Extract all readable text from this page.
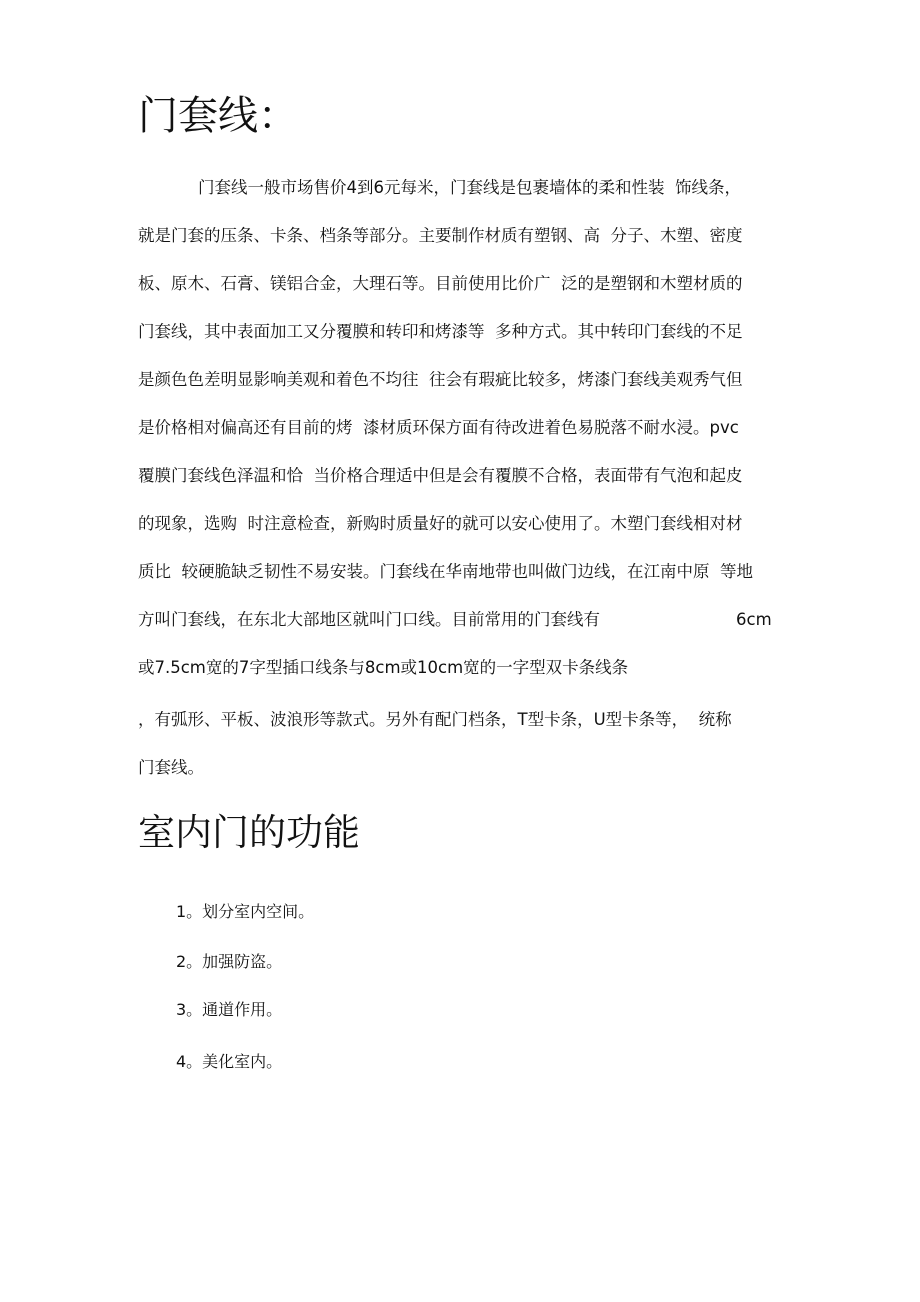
门套线：

门套线一般市场售价4到6元每米，门套线是包裹墙体的柔和性装  饰线条，

就是门套的压条、卡条、档条等部分。主要制作材质有塑钢、高  分子、木塑、密度

板、原木、石膏、镁铝合金，大理石等。目前使用比价广  泛的是塑钢和木塑材质的

门套线，其中表面加工又分覆膜和转印和烤漆等  多种方式。其中转印门套线的不足

是颜色色差明显影响美观和着色不均往  往会有瑕疵比较多，烤漆门套线美观秀气但

是价格相对偏高还有目前的烤  漆材质环保方面有待改进着色易脱落不耐水浸。pvc

覆膜门套线色泽温和恰  当价格合理适中但是会有覆膜不合格，表面带有气泡和起皮

的现象，选购  时注意检查，新购时质量好的就可以安心使用了。木塑门套线相对材

质比  较硬脆缺乏韧性不易安装。门套线在华南地带也叫做门边线，在江南中原  等地

方叫门套线，在东北大部地区就叫门口线。目前常用的门套线有	6cm

或7.5cm宽的7字型插口线条与8cm或10cm宽的一字型双卡条线条

，有弧形、平板、波浪形等款式。另外有配门档条，T型卡条，U型卡条等，  统称

门套线。

室内门的功能
1。划分室内空间。
2。加强防盗。
3。通道作用。
4。美化室内。
